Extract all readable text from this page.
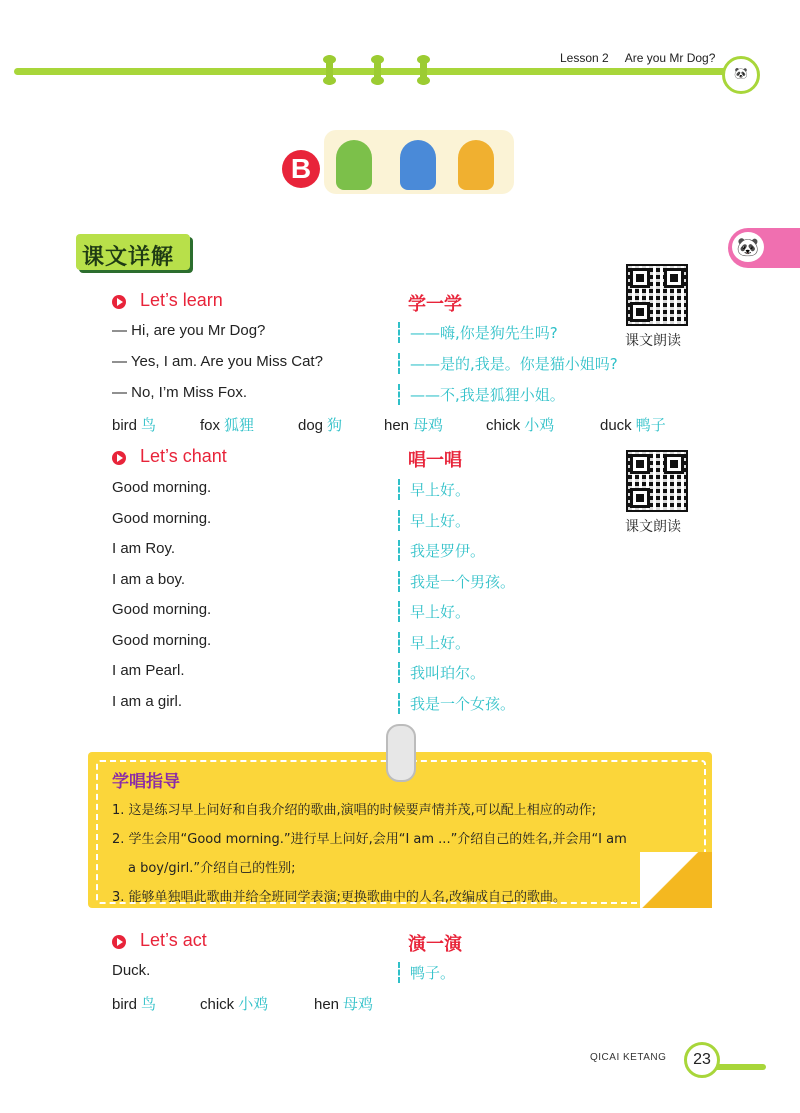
Lesson 2 Are you Mr Dog?
🐼
B
🐼
课文详解
Let’s learn	学一学
课文朗读
— Hi, are you Mr Dog?	——嗨,你是狗先生吗?
— Yes, I am. Are you Miss Cat?	——是的,我是。你是猫小姐吗?
— No, I’m Miss Fox.	——不,我是狐狸小姐。
bird 鸟	fox 狐狸	dog 狗	hen 母鸡	chick 小鸡	duck 鸭子
Let’s chant	唱一唱
课文朗读
Good morning.	早上好。
Good morning.	早上好。
I am Roy.	我是罗伊。
I am a boy.	我是一个男孩。
Good morning.	早上好。
Good morning.	早上好。
I am Pearl.	我叫珀尔。
I am a girl.	我是一个女孩。
学唱指导
1. 这是练习早上问好和自我介绍的歌曲,演唱的时候要声情并茂,可以配上相应的动作;
2. 学生会用“Good morning.”进行早上问好,会用“I am ...”介绍自己的姓名,并会用“I am
a boy/girl.”介绍自己的性别;
3. 能够单独唱此歌曲并给全班同学表演;更换歌曲中的人名,改编成自己的歌曲。
Let’s act	演一演
Duck.	鸭子。
bird 鸟	chick 小鸡	hen 母鸡
QICAI KETANG	23
